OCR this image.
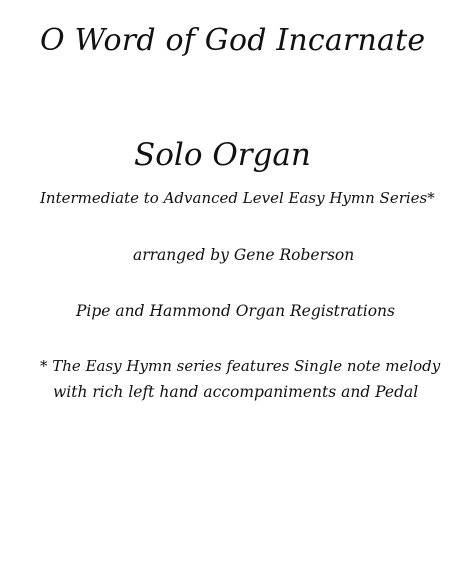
O Word of God Incarnate
Solo Organ
Intermediate to Advanced Level Easy Hymn Series*
arranged by Gene Roberson
Pipe and Hammond Organ Registrations
* The Easy Hymn series features Single note melody
with rich left hand accompaniments and Pedal
